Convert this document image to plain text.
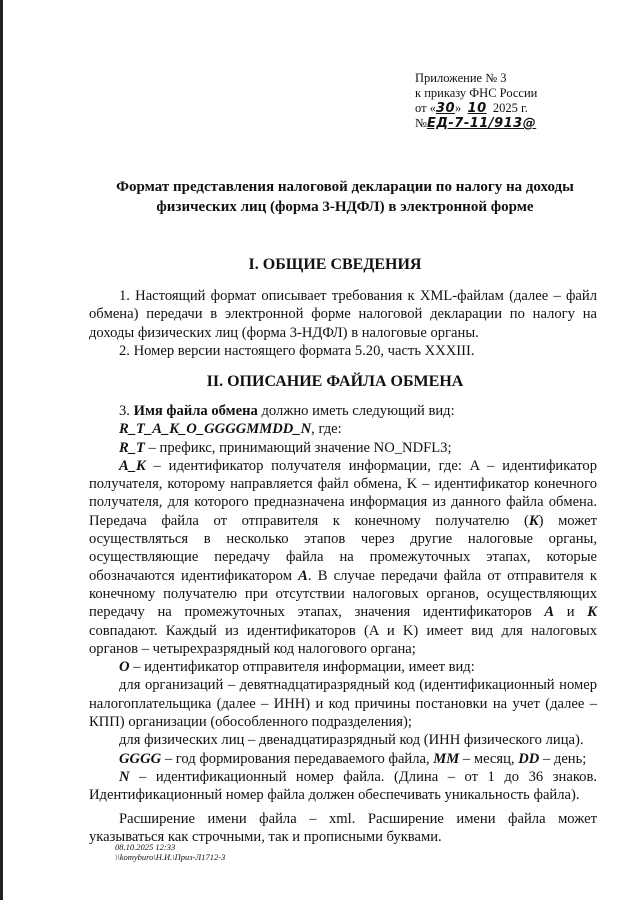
Приложение № 3
к приказу ФНС России
от «30» 10 2025 г.
№ЕД-7-11/913@
Формат представления налоговой декларации по налогу на доходы
физических лиц (форма 3-НДФЛ) в электронной форме
I. ОБЩИЕ СВЕДЕНИЯ

1. Настоящий формат описывает требования к XML-файлам (далее – файл обмена) передачи в электронной форме налоговой декларации по налогу на доходы физических лиц (форма 3-НДФЛ) в налоговые органы.

2. Номер версии настоящего формата 5.20, часть XXXIII.

II. ОПИСАНИЕ ФАЙЛА ОБМЕНА

3. Имя файла обмена должно иметь следующий вид:

R_T_A_K_O_GGGGMMDD_N, где:

R_T – префикс, принимающий значение NO_NDFL3;

A_K – идентификатор получателя информации, где: A – идентификатор получателя, которому направляется файл обмена, K – идентификатор конечного получателя, для которого предназначена информация из данного файла обмена. Передача файла от отправителя к конечному получателю (K) может осуществляться в несколько этапов через другие налоговые органы, осуществляющие передачу файла на промежуточных этапах, которые обозначаются идентификатором A. В случае передачи файла от отправителя к конечному получателю при отсутствии налоговых органов, осуществляющих передачу на промежуточных этапах, значения идентификаторов A и K совпадают. Каждый из идентификаторов (A и K) имеет вид для налоговых органов – четырехразрядный код налогового органа;

O – идентификатор отправителя информации, имеет вид:

для организаций – девятнадцатиразрядный код (идентификационный номер налогоплательщика (далее – ИНН) и код причины постановки на учет (далее – КПП) организации (обособленного подразделения);

для физических лиц – двенадцатиразрядный код (ИНН физического лица).

GGGG – год формирования передаваемого файла, MM – месяц, DD – день;

N – идентификационный номер файла. (Длина – от 1 до 36 знаков. Идентификационный номер файла должен обеспечивать уникальность файла).

Расширение имени файла – xml. Расширение имени файла может указываться как строчными, так и прописными буквами.

08.10.2025 12:33
\\komyburo\Н.И.\Приз-Л1712-3
